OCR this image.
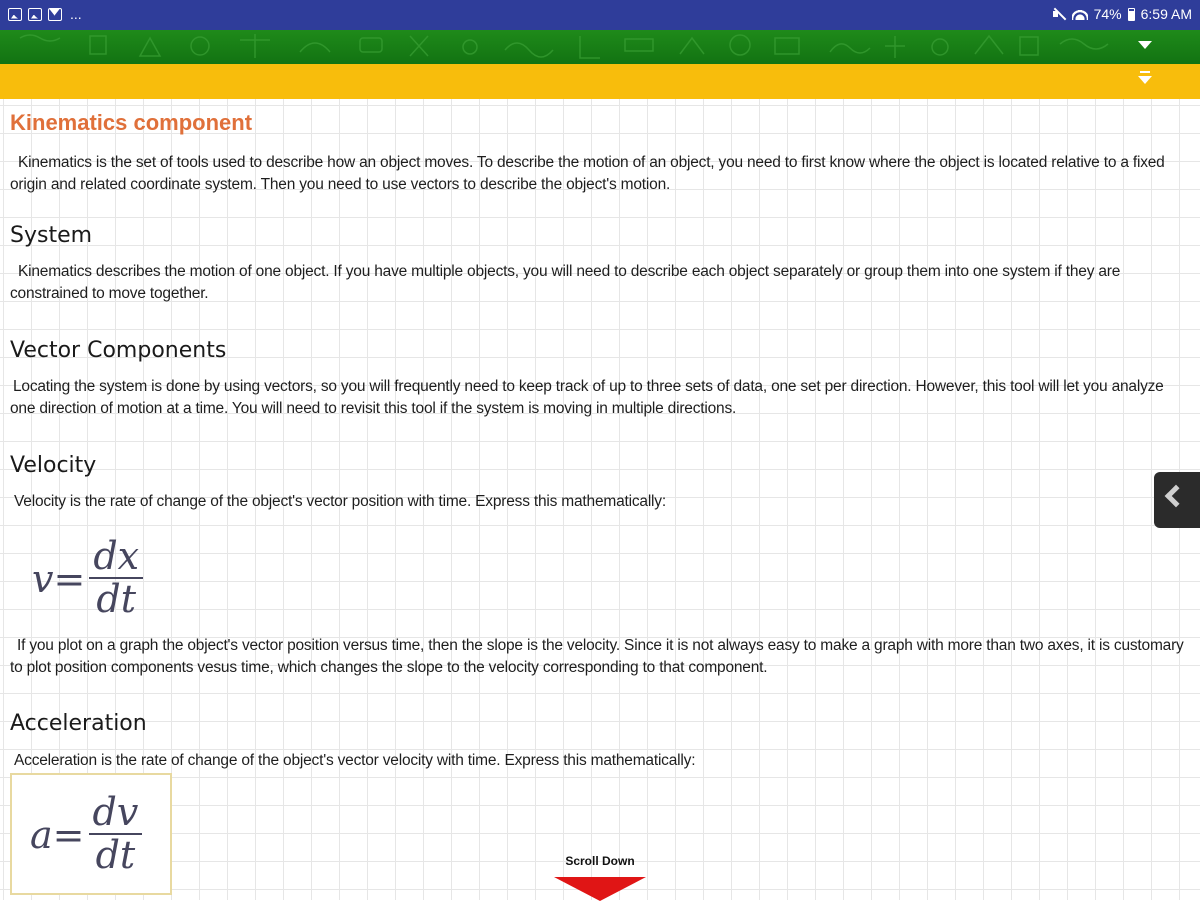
...	74% 6:59 AM
Kinematics component

Kinematics is the set of tools used to describe how an object moves. To describe the motion of an object, you need to first know where the object is located relative to a fixed origin and related coordinate system. Then you need to use vectors to describe the object's motion.

System

Kinematics describes the motion of one object. If you have multiple objects, you will need to describe each object separately or group them into one system if they are constrained to move together.

Vector Components

Locating the system is done by using vectors, so you will frequently need to keep track of up to three sets of data, one set per direction. However, this tool will let you analyze one direction of motion at a time. You will need to revisit this tool if the system is moving in multiple directions.

Velocity

Velocity is the rate of change of the object's vector position with time. Express this mathematically:

$v = \frac{dx}{dt}$

If you plot on a graph the object's vector position versus time, then the slope is the velocity. Since it is not always easy to make a graph with more than two axes, it is customary to plot position components vesus time, which changes the slope to the velocity corresponding to that component.

Acceleration

Acceleration is the rate of change of the object's vector velocity with time. Express this mathematically:

$a = \frac{dv}{dt}$	Scroll Down
